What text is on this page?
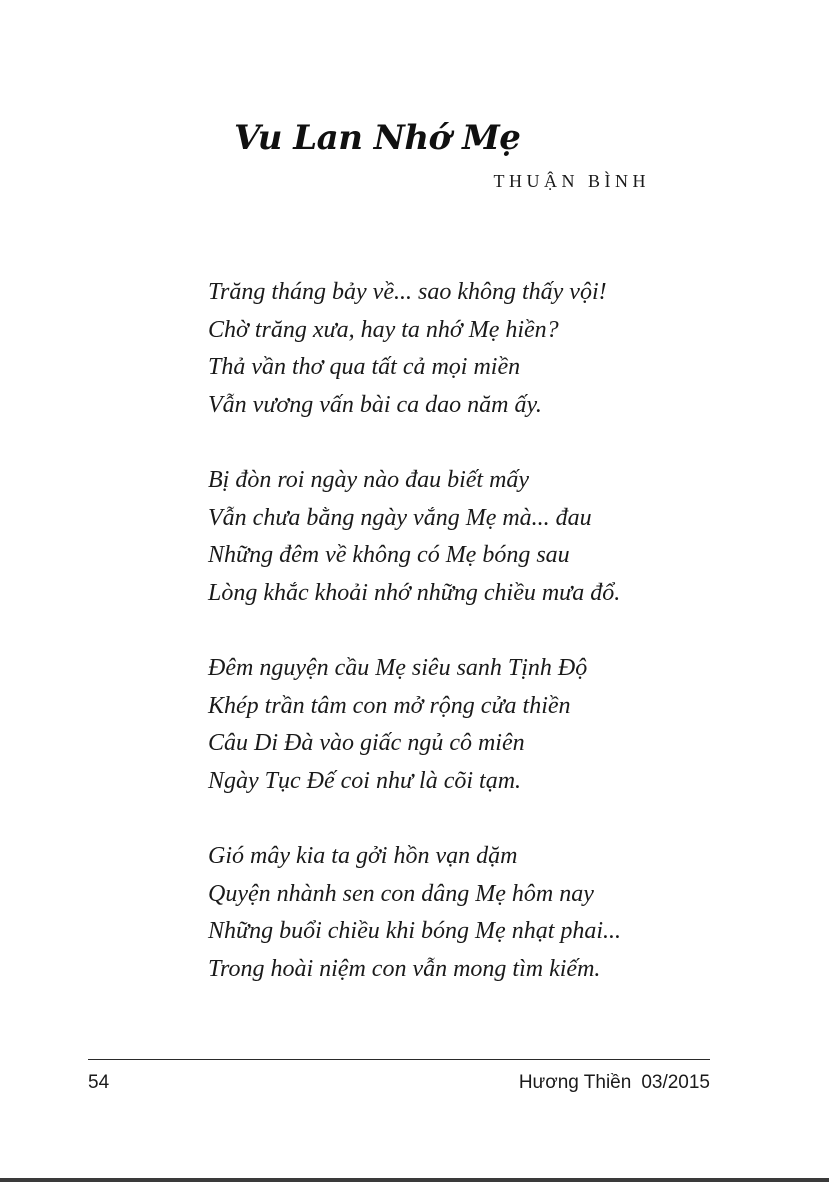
Vu Lan Nhớ Mẹ
THUẬN BÌNH
Trăng tháng bảy về... sao không thấy vội!
Chờ trăng xưa, hay ta nhớ Mẹ hiền?
Thả vần thơ qua tất cả mọi miền
Vẫn vương vấn bài ca dao năm ấy.
Bị đòn roi ngày nào đau biết mấy
Vẫn chưa bằng ngày vắng Mẹ mà... đau
Những đêm về không có Mẹ bóng sau
Lòng khắc khoải nhớ những chiều mưa đổ.
Đêm nguyện cầu Mẹ siêu sanh Tịnh Độ
Khép trần tâm con mở rộng cửa thiền
Câu Di Đà vào giấc ngủ cô miên
Ngày Tục Đế coi như là cõi tạm.
Gió mây kia ta gởi hồn vạn dặm
Quyện nhành sen con dâng Mẹ hôm nay
Những buổi chiều khi bóng Mẹ nhạt phai...
Trong hoài niệm con vẫn mong tìm kiếm.
54	Hương Thiền 03/2015
